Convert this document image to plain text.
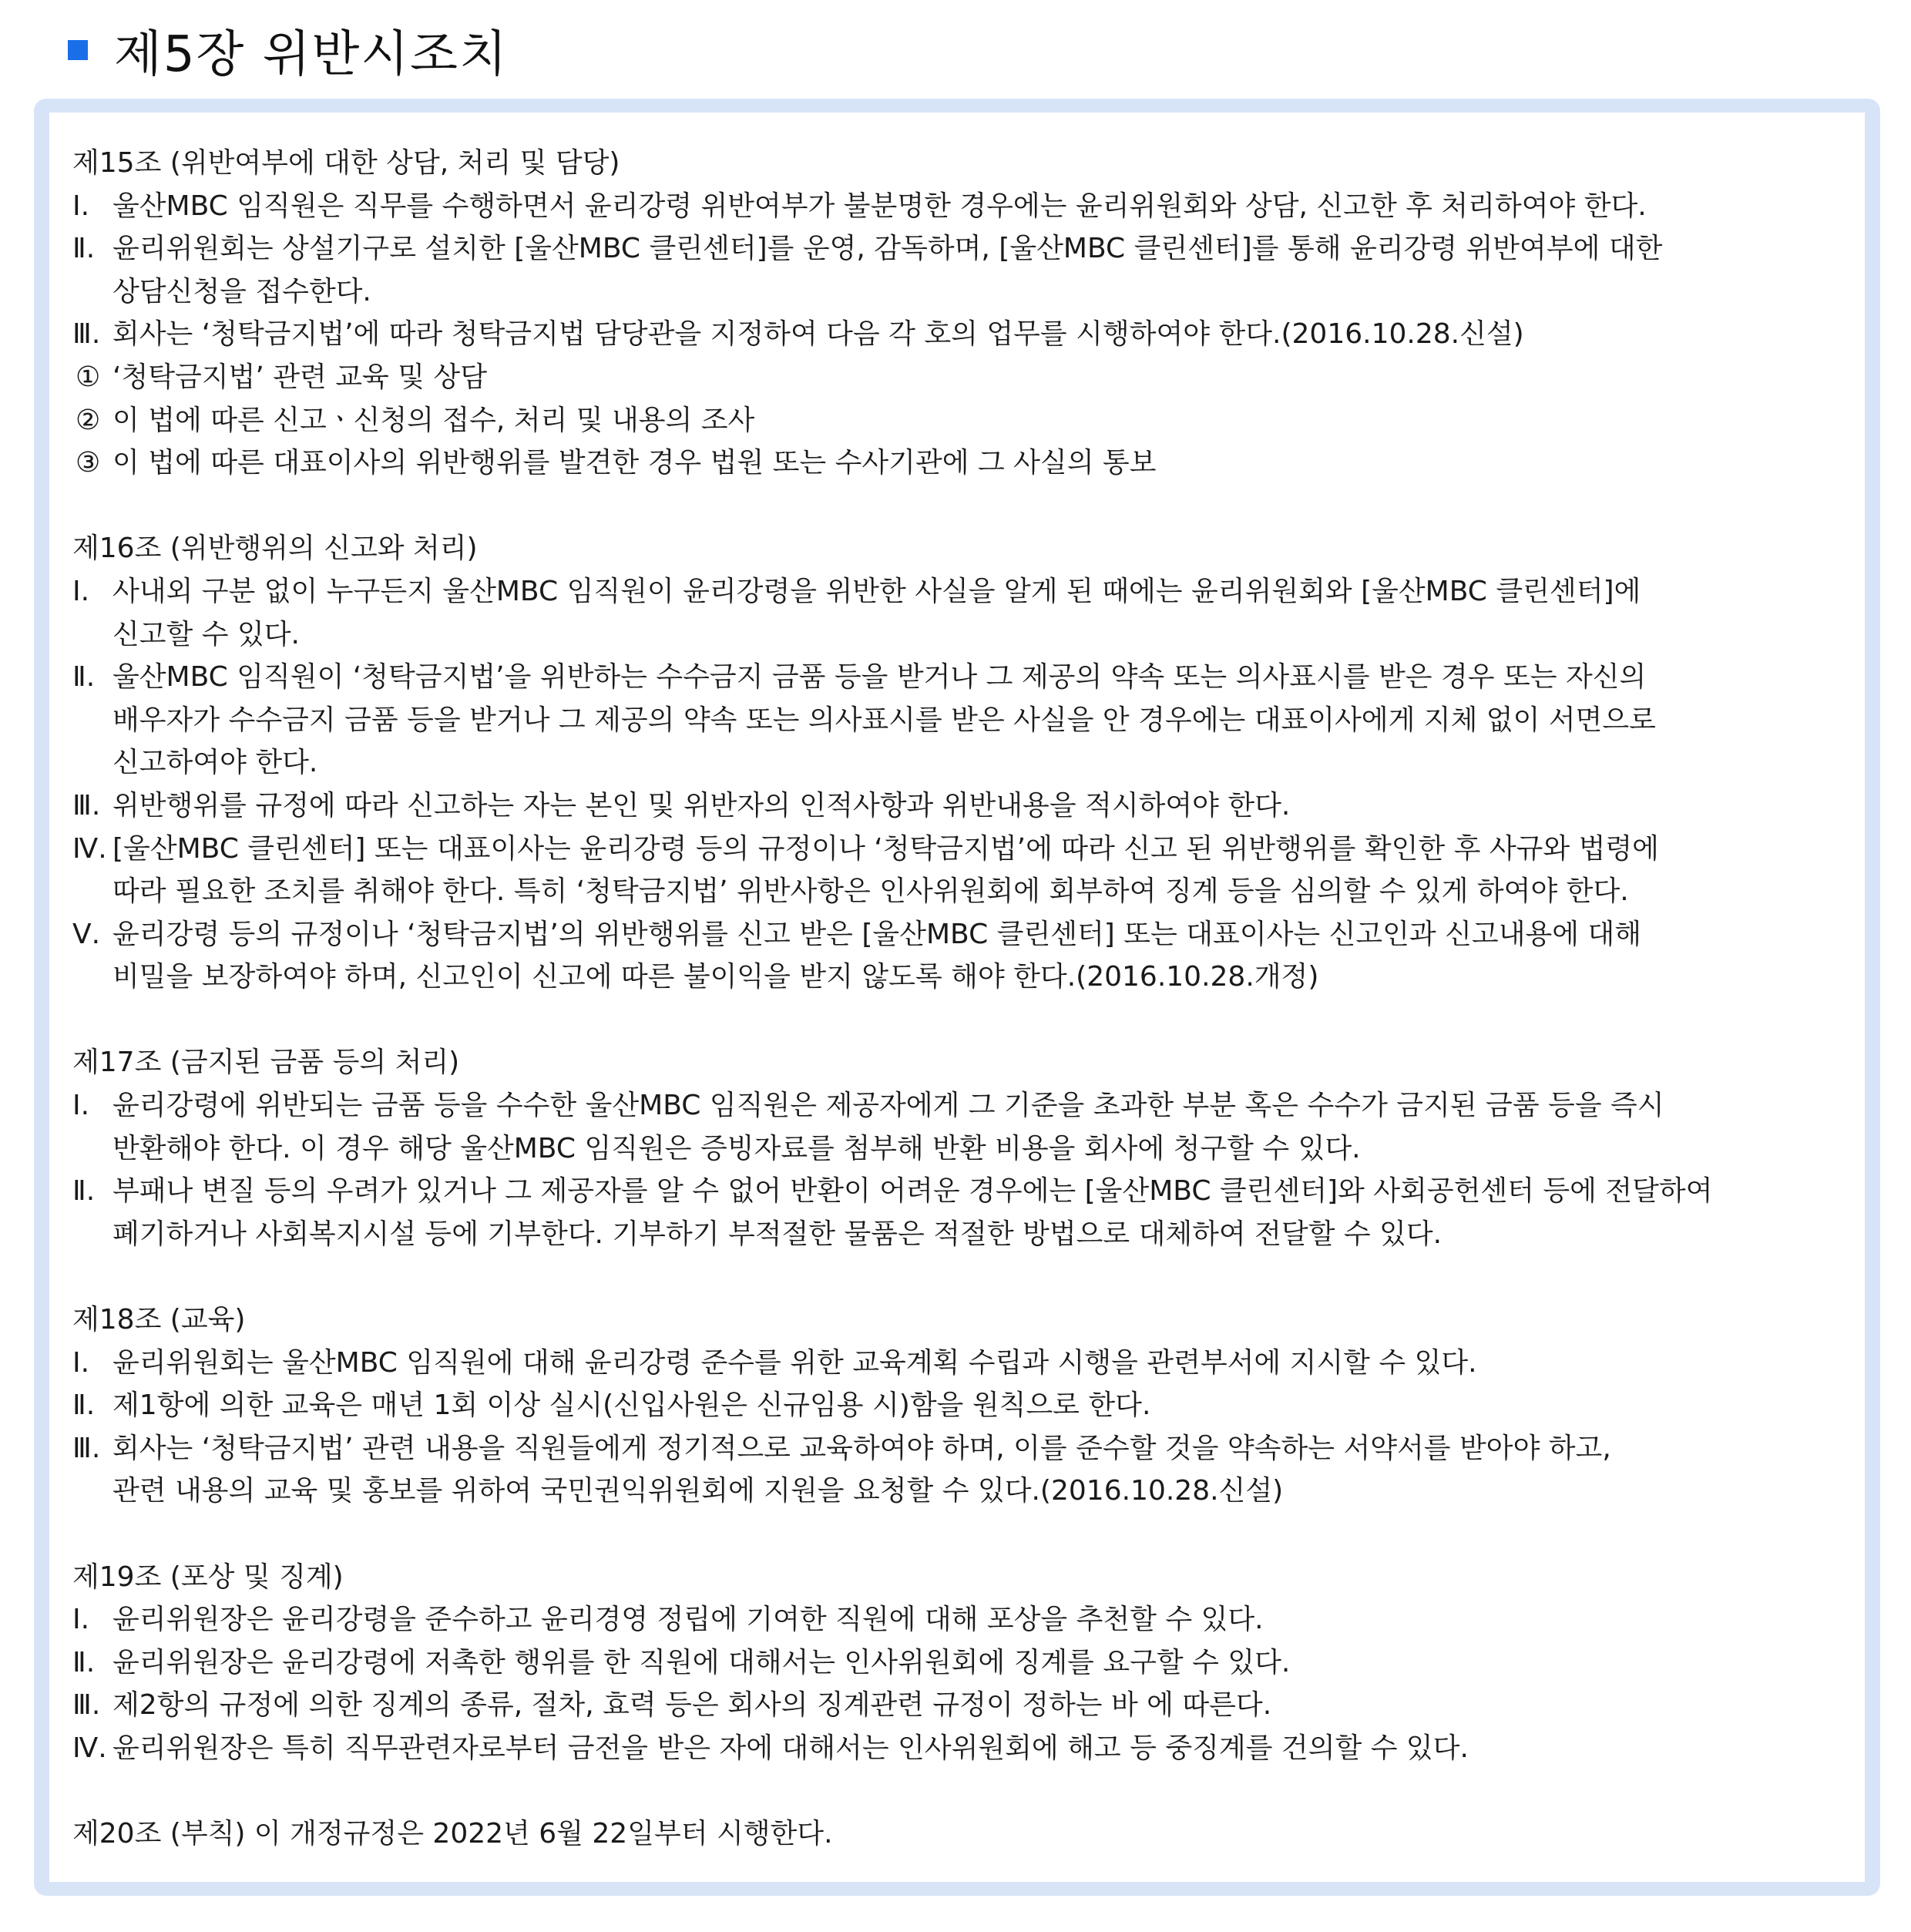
제5장 위반시조치
제15조 (위반여부에 대한 상담, 처리 및 담당)
Ⅰ. 울산MBC 임직원은 직무를 수행하면서 윤리강령 위반여부가 불분명한 경우에는 윤리위원회와 상담, 신고한 후 처리하여야 한다.
Ⅱ. 윤리위원회는 상설기구로 설치한 [울산MBC 클린센터]를 운영, 감독하며, [울산MBC 클린센터]를 통해 윤리강령 위반여부에 대한
상담신청을 접수한다.
Ⅲ. 회사는 ‘청탁금지법’에 따라 청탁금지법 담당관을 지정하여 다음 각 호의 업무를 시행하여야 한다.(2016.10.28.신설)
① ‘청탁금지법’ 관련 교육 및 상담
② 이 법에 따른 신고ㆍ신청의 접수, 처리 및 내용의 조사
③ 이 법에 따른 대표이사의 위반행위를 발견한 경우 법원 또는 수사기관에 그 사실의 통보
제16조 (위반행위의 신고와 처리)
Ⅰ. 사내외 구분 없이 누구든지 울산MBC 임직원이 윤리강령을 위반한 사실을 알게 된 때에는 윤리위원회와 [울산MBC 클린센터]에
신고할 수 있다.
Ⅱ. 울산MBC 임직원이 ‘청탁금지법’을 위반하는 수수금지 금품 등을 받거나 그 제공의 약속 또는 의사표시를 받은 경우 또는 자신의
배우자가 수수금지 금품 등을 받거나 그 제공의 약속 또는 의사표시를 받은 사실을 안 경우에는 대표이사에게 지체 없이 서면으로
신고하여야 한다.
Ⅲ. 위반행위를 규정에 따라 신고하는 자는 본인 및 위반자의 인적사항과 위반내용을 적시하여야 한다.
Ⅳ. [울산MBC 클린센터] 또는 대표이사는 윤리강령 등의 규정이나 ‘청탁금지법’에 따라 신고 된 위반행위를 확인한 후 사규와 법령에
따라 필요한 조치를 취해야 한다. 특히 ‘청탁금지법’ 위반사항은 인사위원회에 회부하여 징계 등을 심의할 수 있게 하여야 한다.
Ⅴ. 윤리강령 등의 규정이나 ‘청탁금지법’의 위반행위를 신고 받은 [울산MBC 클린센터] 또는 대표이사는 신고인과 신고내용에 대해
비밀을 보장하여야 하며, 신고인이 신고에 따른 불이익을 받지 않도록 해야 한다.(2016.10.28.개정)
제17조 (금지된 금품 등의 처리)
Ⅰ. 윤리강령에 위반되는 금품 등을 수수한 울산MBC 임직원은 제공자에게 그 기준을 초과한 부분 혹은 수수가 금지된 금품 등을 즉시
반환해야 한다. 이 경우 해당 울산MBC 임직원은 증빙자료를 첨부해 반환 비용을 회사에 청구할 수 있다.
Ⅱ. 부패나 변질 등의 우려가 있거나 그 제공자를 알 수 없어 반환이 어려운 경우에는 [울산MBC 클린센터]와 사회공헌센터 등에 전달하여
폐기하거나 사회복지시설 등에 기부한다. 기부하기 부적절한 물품은 적절한 방법으로 대체하여 전달할 수 있다.
제18조 (교육)
Ⅰ. 윤리위원회는 울산MBC 임직원에 대해 윤리강령 준수를 위한 교육계획 수립과 시행을 관련부서에 지시할 수 있다.
Ⅱ. 제1항에 의한 교육은 매년 1회 이상 실시(신입사원은 신규임용 시)함을 원칙으로 한다.
Ⅲ. 회사는 ‘청탁금지법’ 관련 내용을 직원들에게 정기적으로 교육하여야 하며, 이를 준수할 것을 약속하는 서약서를 받아야 하고,
관련 내용의 교육 및 홍보를 위하여 국민권익위원회에 지원을 요청할 수 있다.(2016.10.28.신설)
제19조 (포상 및 징계)
Ⅰ. 윤리위원장은 윤리강령을 준수하고 윤리경영 정립에 기여한 직원에 대해 포상을 추천할 수 있다.
Ⅱ. 윤리위원장은 윤리강령에 저촉한 행위를 한 직원에 대해서는 인사위원회에 징계를 요구할 수 있다.
Ⅲ. 제2항의 규정에 의한 징계의 종류, 절차, 효력 등은 회사의 징계관련 규정이 정하는 바 에 따른다.
Ⅳ. 윤리위원장은 특히 직무관련자로부터 금전을 받은 자에 대해서는 인사위원회에 해고 등 중징계를 건의할 수 있다.
제20조 (부칙) 이 개정규정은 2022년 6월 22일부터 시행한다.
